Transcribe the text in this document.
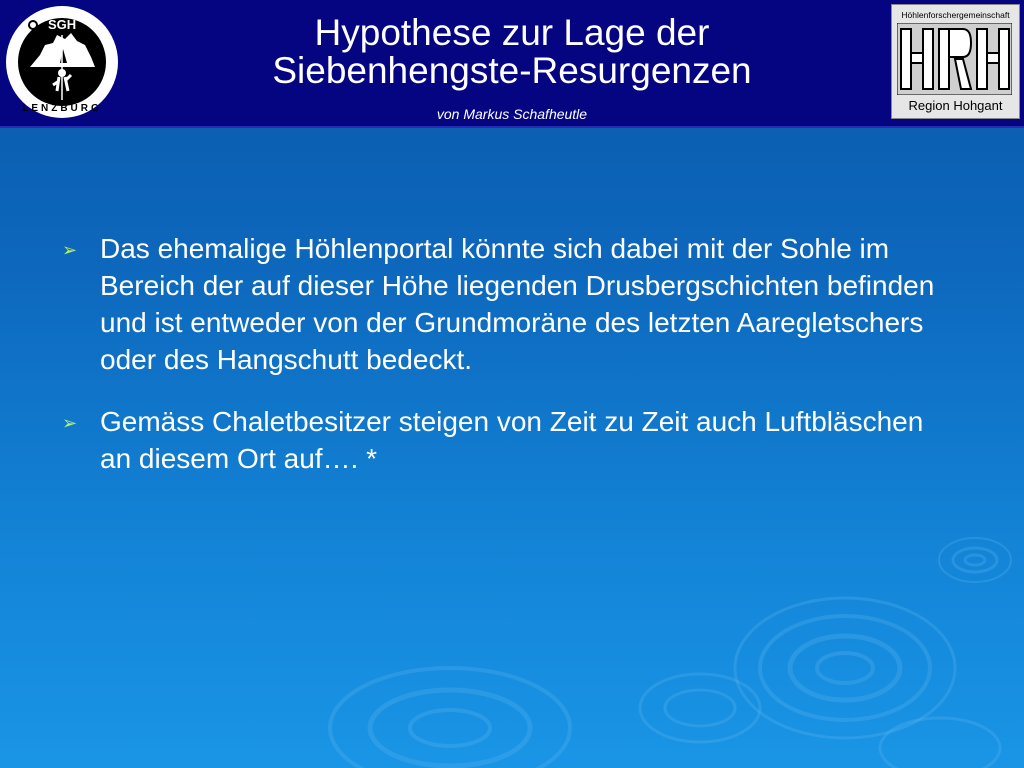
SGH
LENZBURG
Hypothese zur Lage der
Siebenhengste-Resurgenzen
von Markus Schafheutle
Höhlenforschergemeinschaft
Region Hohgant
➢ Das ehemalige Höhlenportal könnte sich dabei mit der Sohle im Bereich der auf dieser Höhe liegenden Drusbergschichten befinden und ist entweder von der Grundmoräne des letzten Aaregletschers oder des Hangschutt bedeckt.
➢ Gemäss Chaletbesitzer steigen von Zeit zu Zeit auch Luftbläschen an diesem Ort auf…. *
